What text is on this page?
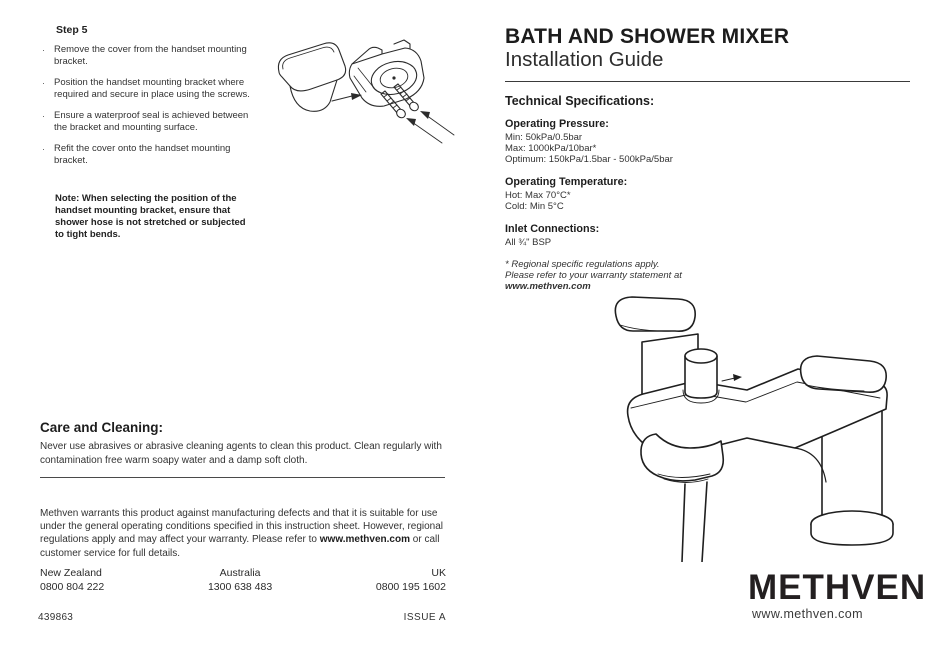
Step 5
· Remove the cover from the handset mounting bracket.
· Position the handset mounting bracket where required and secure in place using the screws.
· Ensure a waterproof seal is achieved between the bracket and mounting surface.
· Refit the cover onto the handset mounting bracket.

Note: When selecting the position of the handset mounting bracket, ensure that shower hose is not stretched or subjected to tight bends.

BATH AND SHOWER MIXER
Installation Guide
Technical Specifications:
Operating Pressure:
Min: 50kPa/0.5bar
Max: 1000kPa/10bar*
Optimum: 150kPa/1.5bar - 500kPa/5bar
Operating Temperature:
Hot: Max 70°C*
Cold: Min 5°C
Inlet Connections:
All ¾" BSP
* Regional specific regulations apply.
Please refer to your warranty statement at
www.methven.com
Care and Cleaning:

Never use abrasives or abrasive cleaning agents to clean this product. Clean regularly with contamination free warm soapy water and a damp soft cloth.

Methven warrants this product against manufacturing defects and that it is suitable for use under the general operating conditions specified in this instruction sheet. However, regional regulations apply and may affect your warranty. Please refer to www.methven.com or call customer service for full details.

New Zealand
0800 804 222
Australia
1300 638 483
UK
0800 195 1602
439863	ISSUE A
METHVEN
www.methven.com
